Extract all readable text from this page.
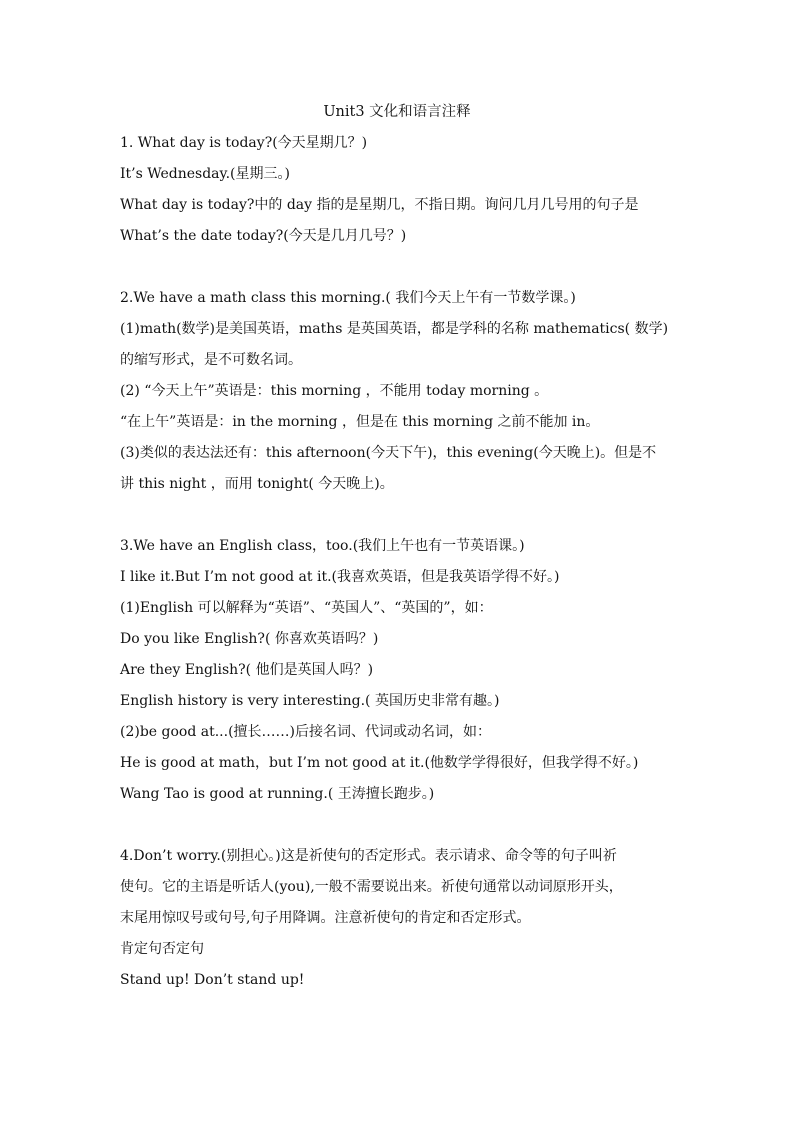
Unit3 文化和语言注释
1. What day is today?(今天星期几？)
It’s Wednesday.(星期三。)
What day is today?中的 day 指的是星期几，不指日期。询问几月几号用的句子是
What’s the date today?(今天是几月几号？)
2.We have a math class this morning.( 我们今天上午有一节数学课。)
(1)math(数学)是美国英语，maths 是英国英语，都是学科的名称 mathematics( 数学)
的缩写形式，是不可数名词。
(2) “今天上午”英语是：this morning ，不能用 today morning 。
“在上午”英语是：in the morning ，但是在 this morning 之前不能加 in。
(3)类似的表达法还有：this afternoon(今天下午)，this evening(今天晚上)。但是不
讲 this night ，而用 tonight( 今天晚上)。
3.We have an English class，too.(我们上午也有一节英语课。)
I like it.But I’m not good at it.(我喜欢英语，但是我英语学得不好。)
(1)English 可以解释为“英语”、“英国人”、“英国的”，如：
Do you like English?( 你喜欢英语吗？)
Are they English?( 他们是英国人吗？)
English history is very interesting.( 英国历史非常有趣。)
(2)be good at...(擅长……)后接名词、代词或动名词，如：
He is good at math，but I’m not good at it.(他数学学得很好，但我学得不好。)
Wang Tao is good at running.( 王涛擅长跑步。)
4.Don’t worry.(别担心。)这是祈使句的否定形式。表示请求、命令等的句子叫祈
使句。它的主语是听话人(you),一般不需要说出来。祈使句通常以动词原形开头，
末尾用惊叹号或句号,句子用降调。注意祈使句的肯定和否定形式。
肯定句否定句
Stand up! Don’t stand up!
